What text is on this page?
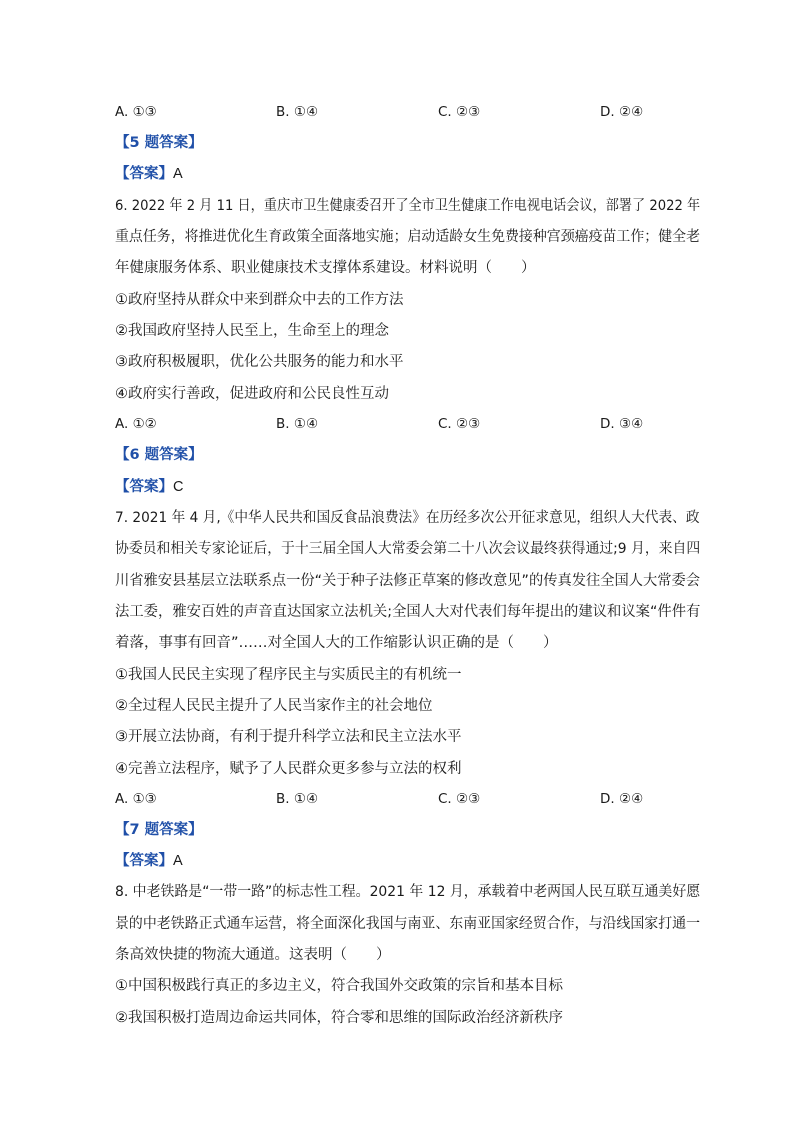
A. ①③	B. ①④	C. ②③	D. ②④
【5 题答案】
【答案】A
6. 2022 年 2 月 11 日，重庆市卫生健康委召开了全市卫生健康工作电视电话会议，部署了 2022 年
重点任务，将推进优化生育政策全面落地实施；启动适龄女生免费接种宫颈癌疫苗工作；健全老
年健康服务体系、职业健康技术支撑体系建设。材料说明（　　）
①政府坚持从群众中来到群众中去的工作方法
②我国政府坚持人民至上，生命至上的理念
③政府积极履职，优化公共服务的能力和水平
④政府实行善政，促进政府和公民良性互动
A. ①②	B. ①④	C. ②③	D. ③④
【6 题答案】
【答案】C
7. 2021 年 4 月,《中华人民共和国反食品浪费法》在历经多次公开征求意见，组织人大代表、政
协委员和相关专家论证后，于十三届全国人大常委会第二十八次会议最终获得通过;9 月，来自四
川省雅安县基层立法联系点一份“关于种子法修正草案的修改意见”的传真发往全国人大常委会
法工委，雅安百姓的声音直达国家立法机关;全国人大对代表们每年提出的建议和议案“件件有
着落，事事有回音”……对全国人大的工作缩影认识正确的是（　　）
①我国人民民主实现了程序民主与实质民主的有机统一
②全过程人民民主提升了人民当家作主的社会地位
③开展立法协商，有利于提升科学立法和民主立法水平
④完善立法程序，赋予了人民群众更多参与立法的权利
A. ①③	B. ①④	C. ②③	D. ②④
【7 题答案】
【答案】A
8. 中老铁路是“一带一路”的标志性工程。2021 年 12 月，承载着中老两国人民互联互通美好愿
景的中老铁路正式通车运营，将全面深化我国与南亚、东南亚国家经贸合作，与沿线国家打通一
条高效快捷的物流大通道。这表明（　　）
①中国积极践行真正的多边主义，符合我国外交政策的宗旨和基本目标
②我国积极打造周边命运共同体，符合零和思维的国际政治经济新秩序
